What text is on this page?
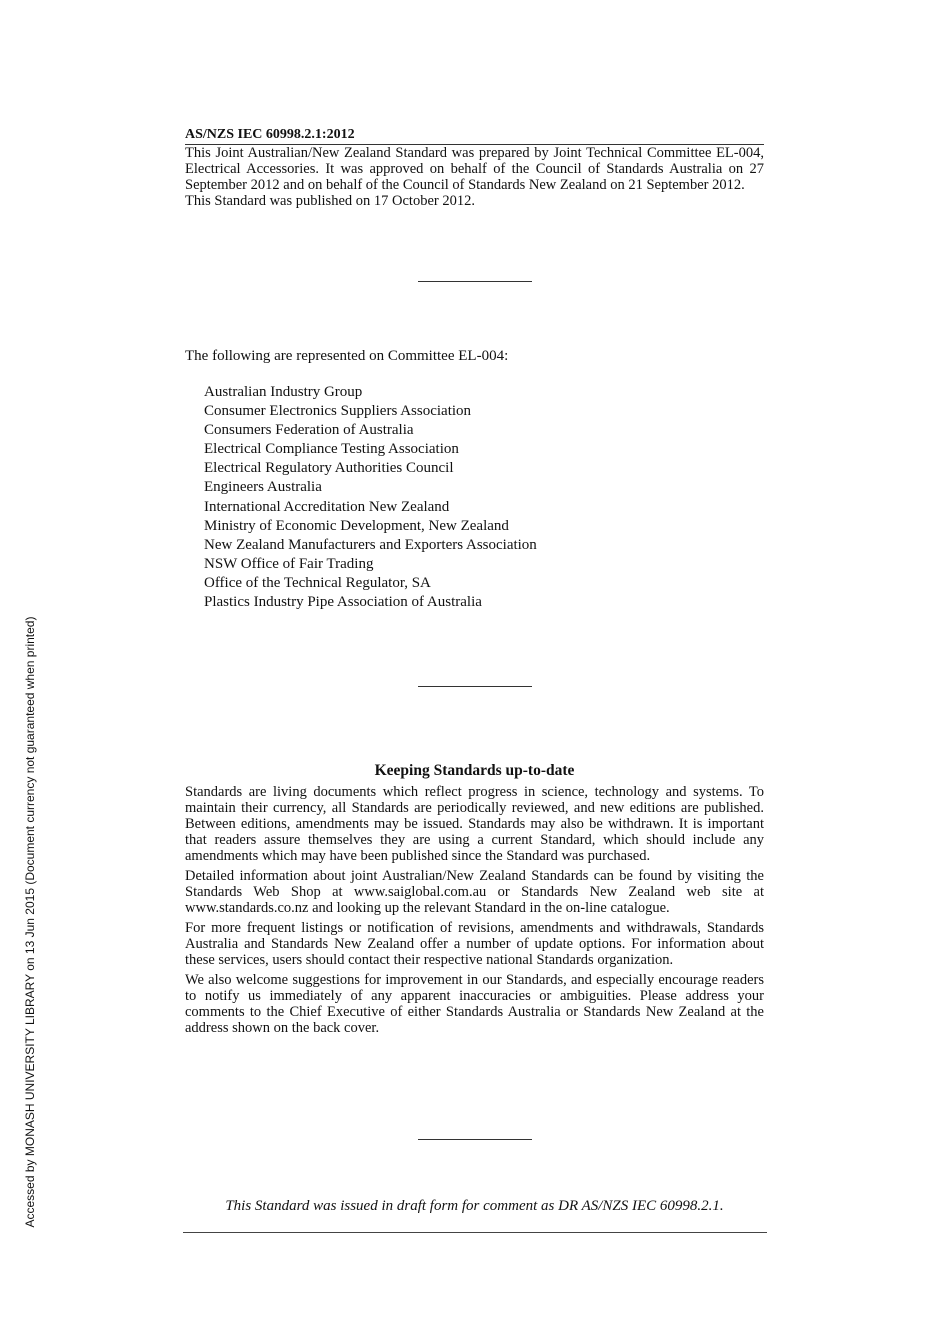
AS/NZS IEC 60998.2.1:2012

This Joint Australian/New Zealand Standard was prepared by Joint Technical Committee EL-004, Electrical Accessories. It was approved on behalf of the Council of Standards Australia on 27 September 2012 and on behalf of the Council of Standards New Zealand on 21 September 2012.

This Standard was published on 17 October 2012.

The following are represented on Committee EL-004:
Australian Industry Group
Consumer Electronics Suppliers Association
Consumers Federation of Australia
Electrical Compliance Testing Association
Electrical Regulatory Authorities Council
Engineers Australia
International Accreditation New Zealand
Ministry of Economic Development, New Zealand
New Zealand Manufacturers and Exporters Association
NSW Office of Fair Trading
Office of the Technical Regulator, SA
Plastics Industry Pipe Association of Australia
Keeping Standards up-to-date

Standards are living documents which reflect progress in science, technology and systems. To maintain their currency, all Standards are periodically reviewed, and new editions are published. Between editions, amendments may be issued. Standards may also be withdrawn. It is important that readers assure themselves they are using a current Standard, which should include any amendments which may have been published since the Standard was purchased.

Detailed information about joint Australian/New Zealand Standards can be found by visiting the Standards Web Shop at www.saiglobal.com.au or Standards New Zealand web site at www.standards.co.nz and looking up the relevant Standard in the on-line catalogue.

For more frequent listings or notification of revisions, amendments and withdrawals, Standards Australia and Standards New Zealand offer a number of update options. For information about these services, users should contact their respective national Standards organization.

We also welcome suggestions for improvement in our Standards, and especially encourage readers to notify us immediately of any apparent inaccuracies or ambiguities. Please address your comments to the Chief Executive of either Standards Australia or Standards New Zealand at the address shown on the back cover.

This Standard was issued in draft form for comment as DR AS/NZS IEC 60998.2.1.
Accessed by MONASH UNIVERSITY LIBRARY on 13 Jun 2015 (Document currency not guaranteed when printed)
